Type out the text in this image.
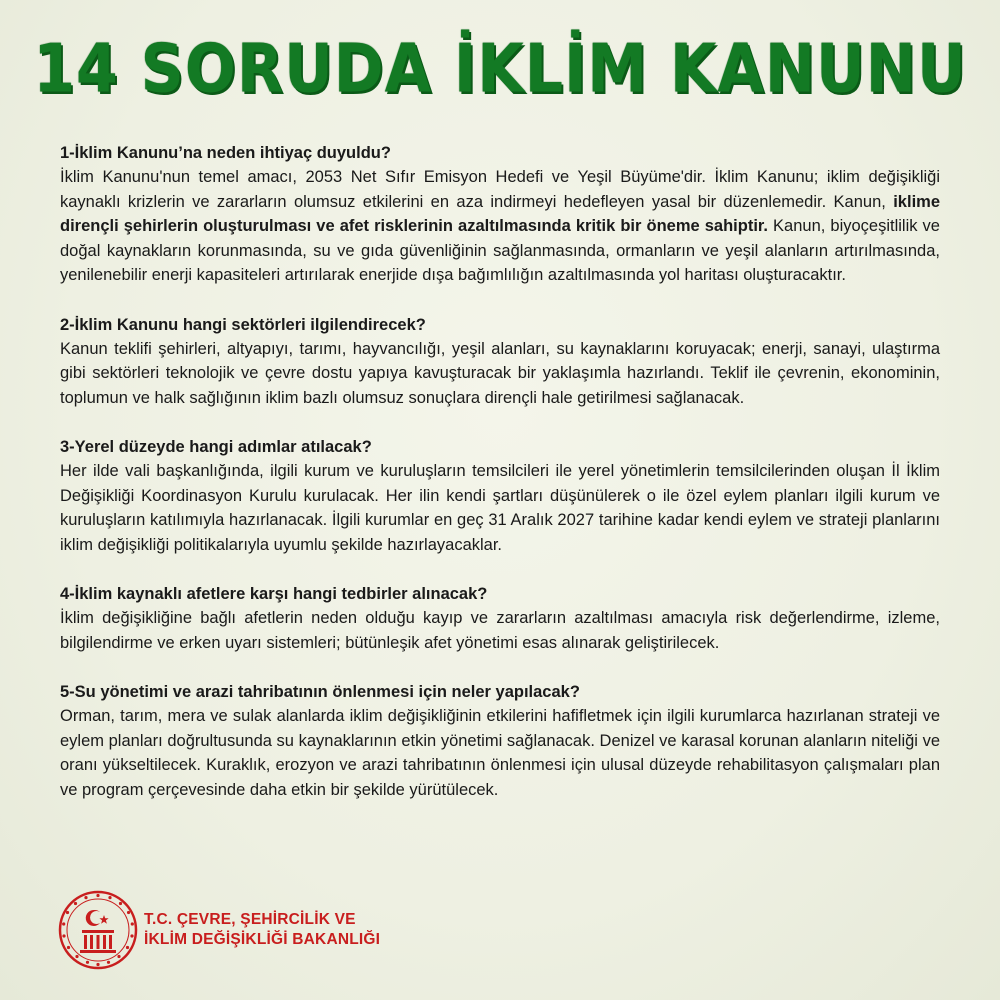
14 SORUDA İKLİM KANUNU

1-İklim Kanunu’na neden ihtiyaç duyuldu?

İklim Kanunu'nun temel amacı, 2053 Net Sıfır Emisyon Hedefi ve Yeşil Büyüme'dir. İklim Kanunu; iklim değişikliği kaynaklı krizlerin ve zararların olumsuz etkilerini en aza indirmeyi hedefleyen yasal bir düzenlemedir. Kanun, iklime dirençli şehirlerin oluşturulması ve afet risklerinin azaltılmasında kritik bir öneme sahiptir. Kanun, biyoçeşitlilik ve doğal kaynakların korunmasında, su ve gıda güvenliğinin sağlanmasında, ormanların ve yeşil alanların artırılmasında, yenilenebilir enerji kapasiteleri artırılarak enerjide dışa bağımlılığın azaltılmasında yol haritası oluşturacaktır.

2-İklim Kanunu hangi sektörleri ilgilendirecek?

Kanun teklifi şehirleri, altyapıyı, tarımı, hayvancılığı, yeşil alanları, su kaynaklarını koruyacak; enerji, sanayi, ulaştırma gibi sektörleri teknolojik ve çevre dostu yapıya kavuşturacak bir yaklaşımla hazırlandı. Teklif ile çevrenin, ekonominin, toplumun ve halk sağlığının iklim bazlı olumsuz sonuçlara dirençli hale getirilmesi sağlanacak.

3-Yerel düzeyde hangi adımlar atılacak?

Her ilde vali başkanlığında, ilgili kurum ve kuruluşların temsilcileri ile yerel yönetimlerin temsilcilerinden oluşan İl İklim Değişikliği Koordinasyon Kurulu kurulacak. Her ilin kendi şartları düşünülerek o ile özel eylem planları ilgili kurum ve kuruluşların katılımıyla hazırlanacak. İlgili kurumlar en geç 31 Aralık 2027 tarihine kadar kendi eylem ve strateji planlarını iklim değişikliği politikalarıyla uyumlu şekilde hazırlayacaklar.

4-İklim kaynaklı afetlere karşı hangi tedbirler alınacak?

İklim değişikliğine bağlı afetlerin neden olduğu kayıp ve zararların azaltılması amacıyla risk değerlendirme, izleme, bilgilendirme ve erken uyarı sistemleri; bütünleşik afet yönetimi esas alınarak geliştirilecek.

5-Su yönetimi ve arazi tahribatının önlenmesi için neler yapılacak?

Orman, tarım, mera ve sulak alanlarda iklim değişikliğinin etkilerini hafifletmek için ilgili kurumlarca hazırlanan strateji ve eylem planları doğrultusunda su kaynaklarının etkin yönetimi sağlanacak. Denizel ve karasal korunan alanların niteliği ve oranı yükseltilecek. Kuraklık, erozyon ve arazi tahribatının önlenmesi için ulusal düzeyde rehabilitasyon çalışmaları plan ve program çerçevesinde daha etkin bir şekilde yürütülecek.

T.C. ÇEVRE, ŞEHİRCİLİK VE
İKLİM DEĞİŞİKLİĞİ BAKANLIĞI
